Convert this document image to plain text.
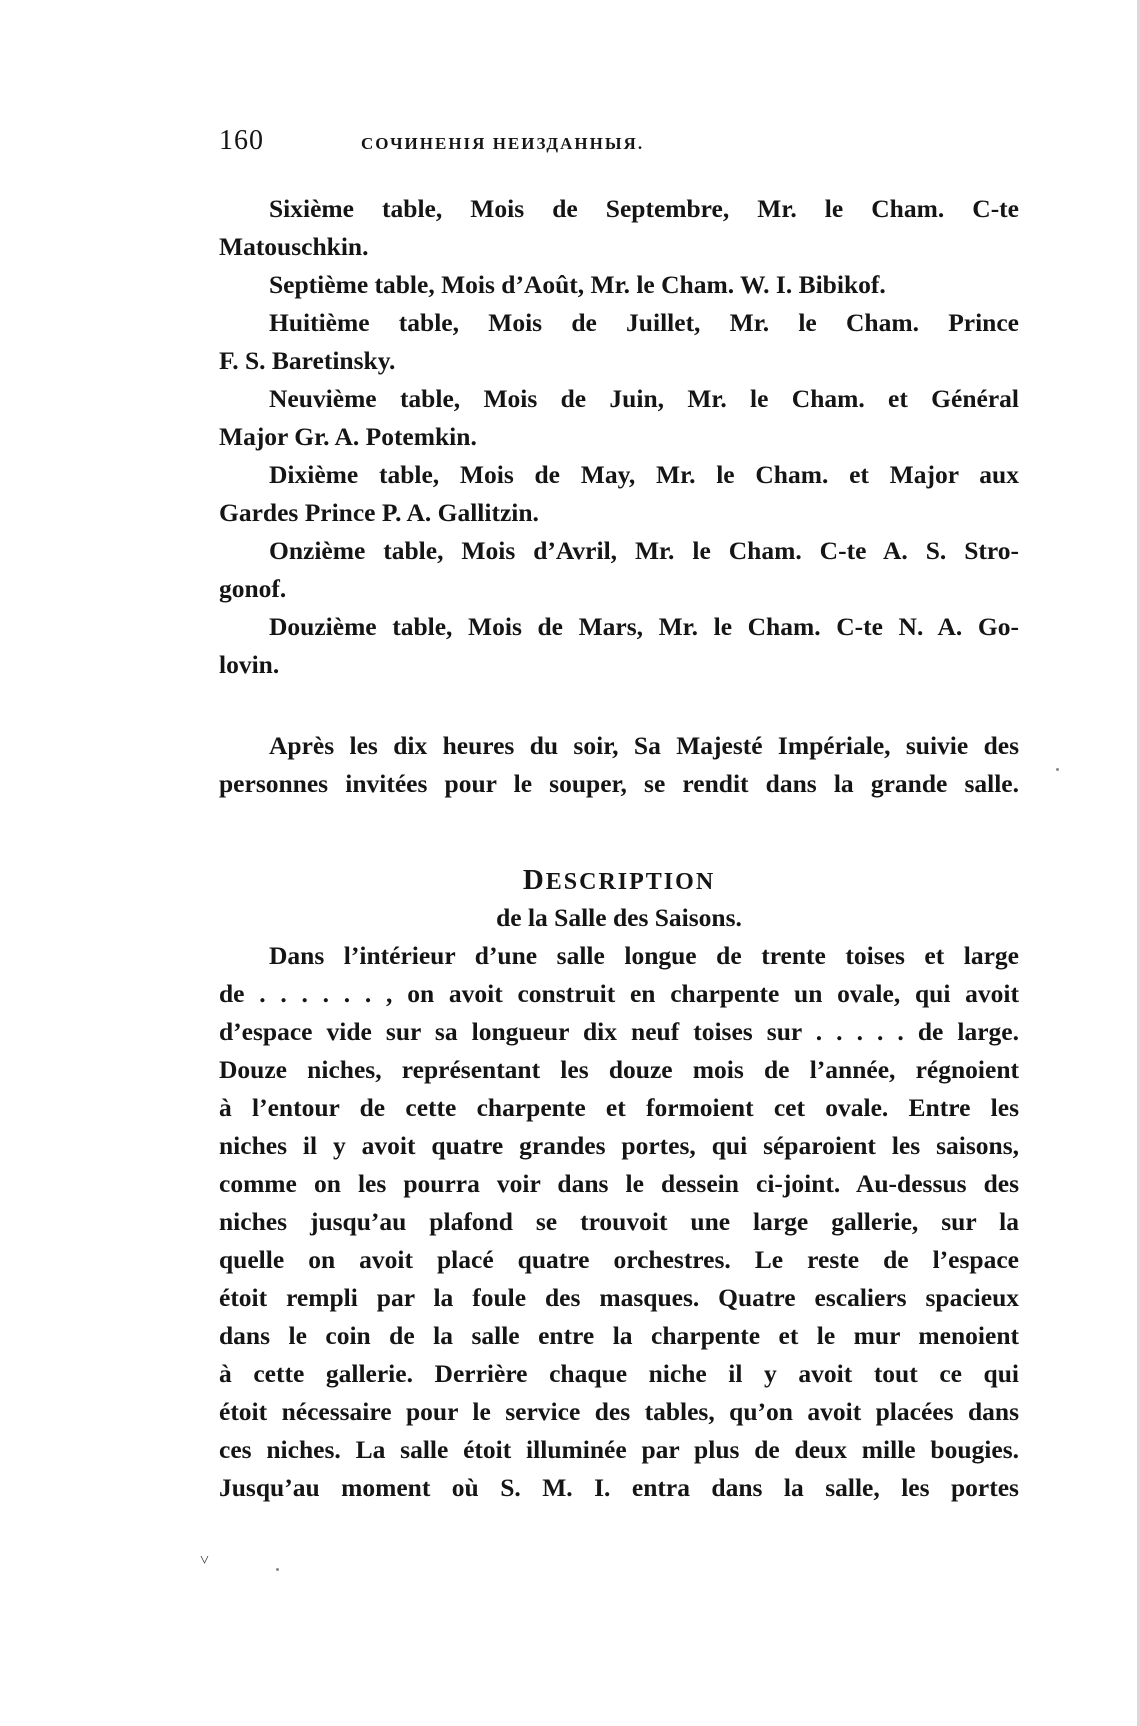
160	СОЧИНЕНІЯ НЕИЗДАННЫЯ.
Sixième table, Mois de Septembre, Mr. le Cham. C-te
Matouschkin.
Septième table, Mois d’Août, Mr. le Cham. W. I. Bibikof.
Huitième table, Mois de Juillet, Mr. le Cham. Prince
F. S. Baretinsky.
Neuvième table, Mois de Juin, Mr. le Cham. et Général
Major Gr. A. Potemkin.
Dixième table, Mois de May, Mr. le Cham. et Major aux
Gardes Prince P. A. Gallitzin.
Onzième table, Mois d’Avril, Mr. le Cham. C-te A. S. Stro-
gonof.
Douzième table, Mois de Mars, Mr. le Cham. C-te N. A. Go-
lovin.
Après les dix heures du soir, Sa Majesté Impériale, suivie des
personnes invitées pour le souper, se rendit dans la grande salle.
DESCRIPTION
de la Salle des Saisons.
Dans l’intérieur d’une salle longue de trente toises et large
de . . . . . . , on avoit construit en charpente un ovale, qui avoit
d’espace vide sur sa longueur dix neuf toises sur . . . . . de large.
Douze niches, représentant les douze mois de l’année, régnoient
à l’entour de cette charpente et formoient cet ovale. Entre les
niches il y avoit quatre grandes portes, qui séparoient les saisons,
comme on les pourra voir dans le dessein ci-joint. Au-dessus des
niches jusqu’au plafond se trouvoit une large gallerie, sur la
quelle on avoit placé quatre orchestres. Le reste de l’espace
étoit rempli par la foule des masques. Quatre escaliers spacieux
dans le coin de la salle entre la charpente et le mur menoient
à cette gallerie. Derrière chaque niche il y avoit tout ce qui
étoit nécessaire pour le service des tables, qu’on avoit placées dans
ces niches. La salle étoit illuminée par plus de deux mille bougies.
Jusqu’au moment où S. M. I. entra dans la salle, les portes
˅
